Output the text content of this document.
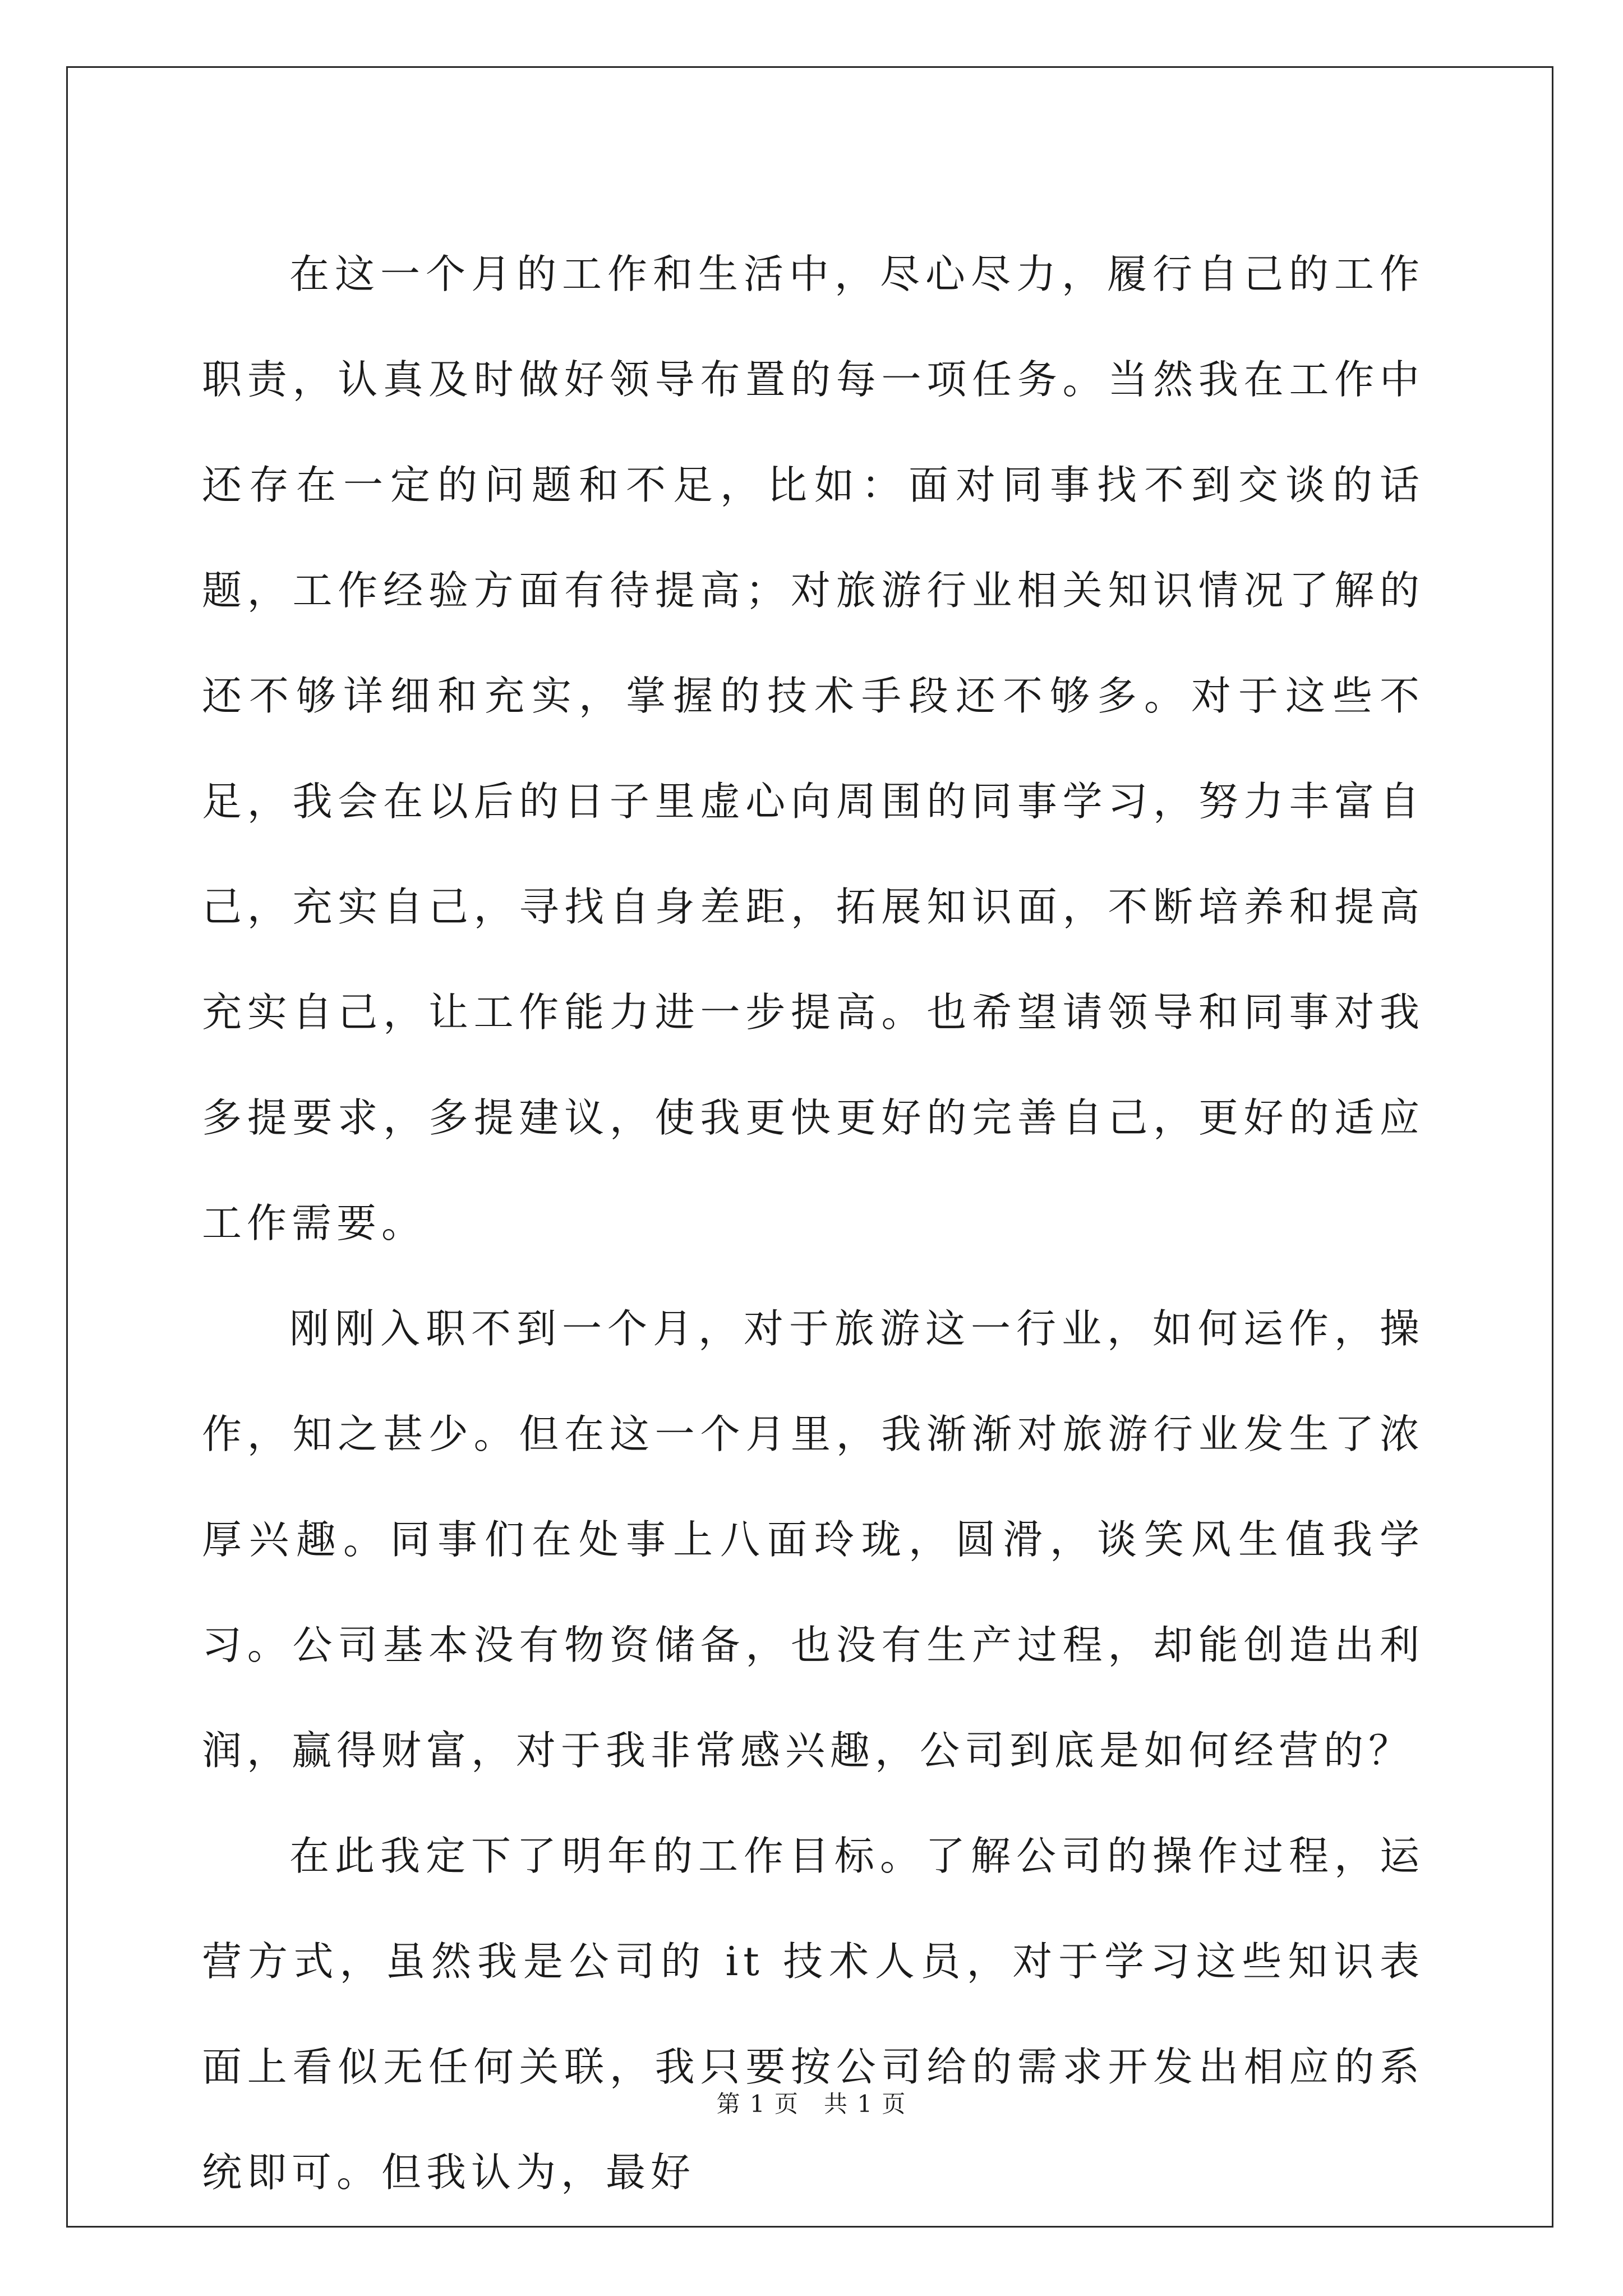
在这一个月的工作和生活中，尽心尽力，履行自己的工作职责，认真及时做好领导布置的每一项任务。当然我在工作中还存在一定的问题和不足，比如：面对同事找不到交谈的话题，工作经验方面有待提高；对旅游行业相关知识情况了解的还不够详细和充实，掌握的技术手段还不够多。对于这些不足，我会在以后的日子里虚心向周围的同事学习，努力丰富自己，充实自己，寻找自身差距，拓展知识面，不断培养和提高充实自己，让工作能力进一步提高。也希望请领导和同事对我多提要求，多提建议，使我更快更好的完善自己，更好的适应工作需要。

刚刚入职不到一个月，对于旅游这一行业，如何运作，操作，知之甚少。但在这一个月里，我渐渐对旅游行业发生了浓厚兴趣。同事们在处事上八面玲珑，圆滑，谈笑风生值我学习。公司基本没有物资储备，也没有生产过程，却能创造出利润，赢得财富，对于我非常感兴趣，公司到底是如何经营的？

在此我定下了明年的工作目标。了解公司的操作过程，运营方式，虽然我是公司的 it 技术人员，对于学习这些知识表面上看似无任何关联，我只要按公司给的需求开发出相应的系统即可。但我认为，最好

第 1 页 共 1 页
